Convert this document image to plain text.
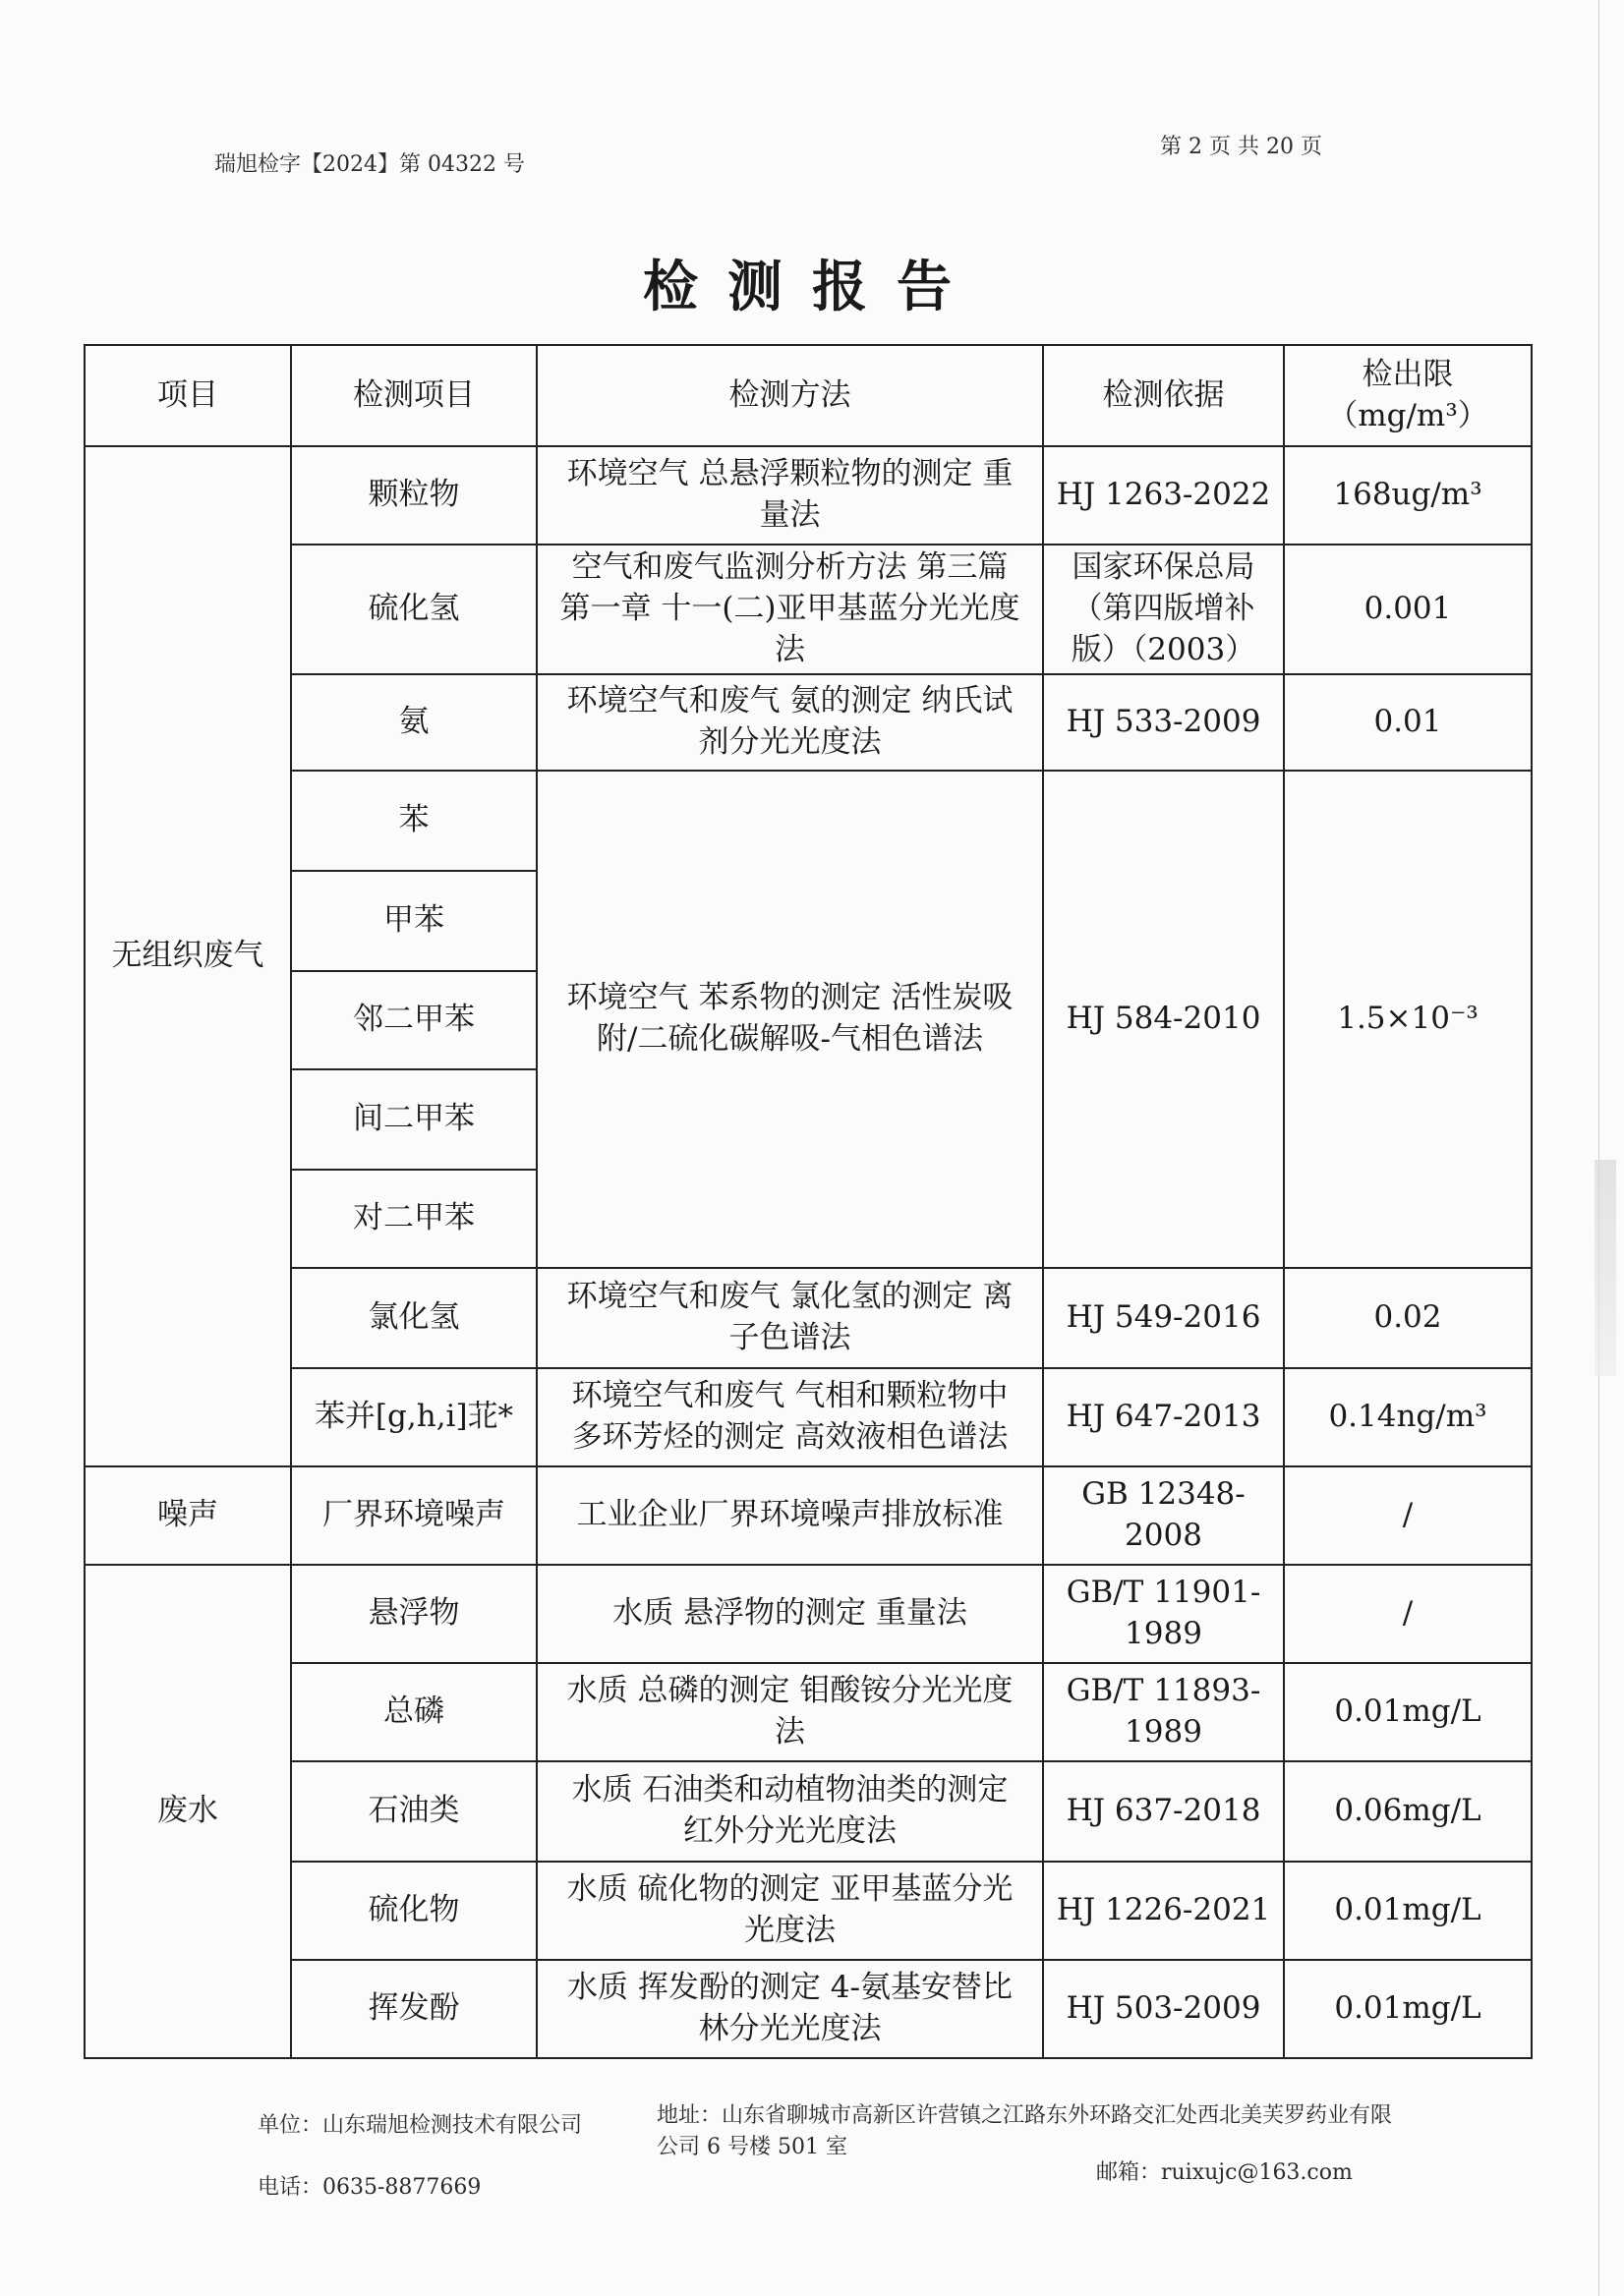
瑞旭检字【2024】第 04322 号
第 2 页 共 20 页
检测报告
项目	检测项目	检测方法	检测依据	检出限
（mg/m³）

无组织废气	颗粒物	环境空气 总悬浮颗粒物的测定 重量法	HJ 1263-2022	168ug/m³
	硫化氢	空气和废气监测分析方法 第三篇 第一章 十一(二)亚甲基蓝分光光度法	国家环保总局（第四版增补版）（2003）	0.001
	氨	环境空气和废气 氨的测定 纳氏试剂分光光度法	HJ 533-2009	0.01
	苯	环境空气 苯系物的测定 活性炭吸附/二硫化碳解吸-气相色谱法	HJ 584-2010	1.5×10⁻³
	甲苯			
	邻二甲苯			
	间二甲苯			
	对二甲苯			
	氯化氢	环境空气和废气 氯化氢的测定 离子色谱法	HJ 549-2016	0.02
	苯并[g,h,i]苝*	环境空气和废气 气相和颗粒物中多环芳烃的测定 高效液相色谱法	HJ 647-2013	0.14ng/m³
噪声	厂界环境噪声	工业企业厂界环境噪声排放标准	GB 12348-2008	/
废水	悬浮物	水质 悬浮物的测定 重量法	GB/T 11901-1989	/
	总磷	水质 总磷的测定 钼酸铵分光光度法	GB/T 11893-1989	0.01mg/L
	石油类	水质 石油类和动植物油类的测定 红外分光光度法	HJ 637-2018	0.06mg/L
	硫化物	水质 硫化物的测定 亚甲基蓝分光光度法	HJ 1226-2021	0.01mg/L
	挥发酚	水质 挥发酚的测定 4-氨基安替比林分光光度法	HJ 503-2009	0.01mg/L
单位：山东瑞旭检测技术有限公司	地址：山东省聊城市高新区许营镇之江路东外环路交汇处西北美芙罗药业有限公司 6 号楼 501 室
邮箱：ruixujc@163.com
电话：0635-8877669
